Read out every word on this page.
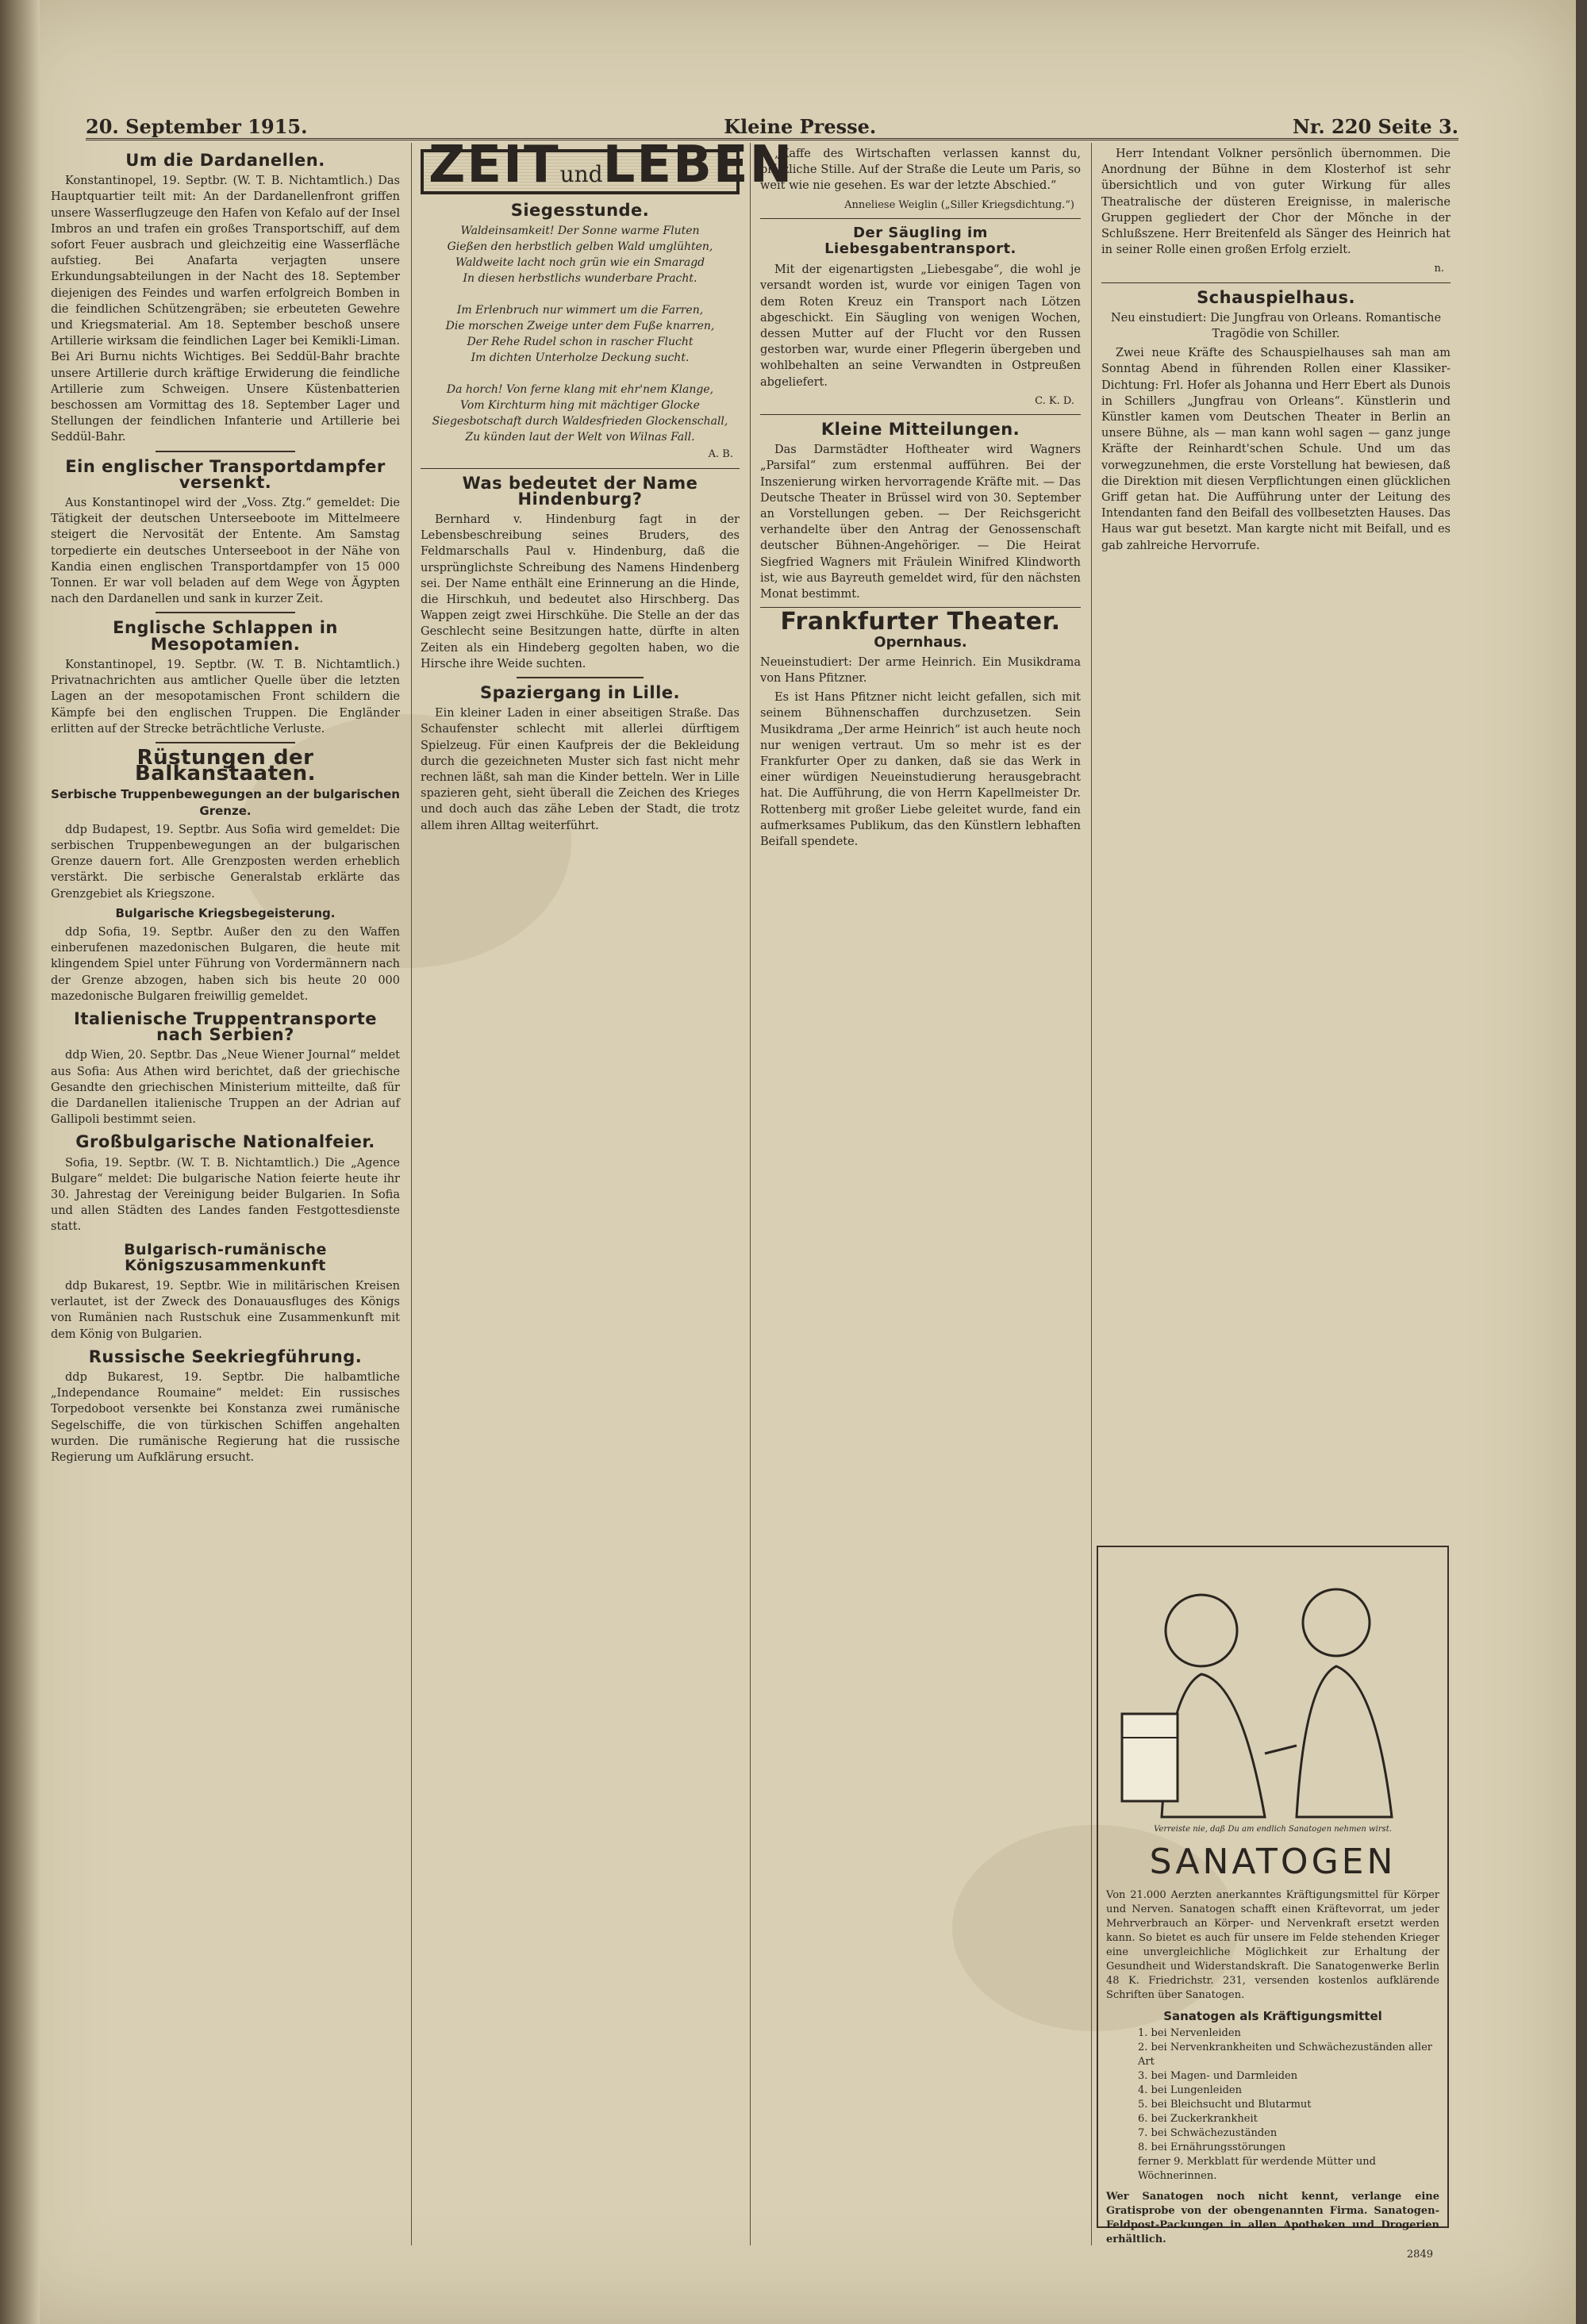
20. September 1915.	Kleine Presse.	Nr. 220 Seite 3.
Um die Dardanellen.

Konstantinopel, 19. Septbr. (W. T. B. Nichtamtlich.) Das Hauptquartier teilt mit: An der Dardanellenfront griffen unsere Wasserflugzeuge den Hafen von Kefalo auf der Insel Imbros an und trafen ein großes Transportschiff, auf dem sofort Feuer ausbrach und gleichzeitig eine Wasserfläche aufstieg. Bei Anafarta verjagten unsere Erkundungsabteilungen in der Nacht des 18. September diejenigen des Feindes und warfen erfolgreich Bomben in die feindlichen Schützengräben; sie erbeuteten Gewehre und Kriegsmaterial. Am 18. September beschoß unsere Artillerie wirksam die feindlichen Lager bei Kemikli-Liman. Bei Ari Burnu nichts Wichtiges. Bei Seddül-Bahr brachte unsere Artillerie durch kräftige Erwiderung die feindliche Artillerie zum Schweigen. Unsere Küstenbatterien beschossen am Vormittag des 18. September Lager und Stellungen der feindlichen Infanterie und Artillerie bei Seddül-Bahr.

Ein englischer Transportdampfer versenkt.

Aus Konstantinopel wird der „Voss. Ztg.“ gemeldet: Die Tätigkeit der deutschen Unterseeboote im Mittelmeere steigert die Nervosität der Entente. Am Samstag torpedierte ein deutsches Unterseeboot in der Nähe von Kandia einen englischen Transportdampfer von 15 000 Tonnen. Er war voll beladen auf dem Wege von Ägypten nach den Dardanellen und sank in kurzer Zeit.

Englische Schlappen in Mesopotamien.

Konstantinopel, 19. Septbr. (W. T. B. Nichtamtlich.) Privatnachrichten aus amtlicher Quelle über die letzten Lagen an der mesopotamischen Front schildern die Kämpfe bei den englischen Truppen. Die Engländer erlitten auf der Strecke beträchtliche Verluste.

Rüstungen der Balkanstaaten.
Serbische Truppenbewegungen an der bulgarischen Grenze.

ddp Budapest, 19. Septbr. Aus Sofia wird gemeldet: Die serbischen Truppenbewegungen an der bulgarischen Grenze dauern fort. Alle Grenzposten werden erheblich verstärkt. Die serbische Generalstab erklärte das Grenzgebiet als Kriegszone.

Bulgarische Kriegsbegeisterung.

ddp Sofia, 19. Septbr. Außer den zu den Waffen einberufenen mazedonischen Bulgaren, die heute mit klingendem Spiel unter Führung von Vordermännern nach der Grenze abzogen, haben sich bis heute 20 000 mazedonische Bulgaren freiwillig gemeldet.

Italienische Truppentransporte nach Serbien?

ddp Wien, 20. Septbr. Das „Neue Wiener Journal“ meldet aus Sofia: Aus Athen wird berichtet, daß der griechische Gesandte den griechischen Ministerium mitteilte, daß für die Dardanellen italienische Truppen an der Adrian auf Gallipoli bestimmt seien.

Großbulgarische Nationalfeier.

Sofia, 19. Septbr. (W. T. B. Nichtamtlich.) Die „Agence Bulgare“ meldet: Die bulgarische Nation feierte heute ihr 30. Jahrestag der Vereinigung beider Bulgarien. In Sofia und allen Städten des Landes fanden Festgottesdienste statt.

Bulgarisch-rumänische Königszusammenkunft

ddp Bukarest, 19. Septbr. Wie in militärischen Kreisen verlautet, ist der Zweck des Donauausfluges des Königs von Rumänien nach Rustschuk eine Zusammenkunft mit dem König von Bulgarien.

Russische Seekriegführung.

ddp Bukarest, 19. Septbr. Die halbamtliche „Independance Roumaine“ meldet: Ein russisches Torpedoboot versenkte bei Konstanza zwei rumänische Segelschiffe, die von türkischen Schiffen angehalten wurden. Die rumänische Regierung hat die russische Regierung um Aufklärung ersucht.

ZEITundLEBEN
Siegesstunde.
Waldeinsamkeit! Der Sonne warme Fluten
Gießen den herbstlich gelben Wald umglühten,
Waldweite lacht noch grün wie ein Smaragd
In diesen herbstlichs wunderbare Pracht.

Im Erlenbruch nur wimmert um die Farren,
Die morschen Zweige unter dem Fuße knarren,
Der Rehe Rudel schon in rascher Flucht
Im dichten Unterholze Deckung sucht.

Da horch! Von ferne klang mit ehr'nem Klange,
Vom Kirchturm hing mit mächtiger Glocke
Siegesbotschaft durch Waldesfrieden Glockenschall,
Zu künden laut der Welt von Wilnas Fall.
A. B.
Was bedeutet der Name Hindenburg?

Bernhard v. Hindenburg fagt in der Lebensbeschreibung seines Bruders, des Feldmarschalls Paul v. Hindenburg, daß die ursprünglichste Schreibung des Namens Hindenberg sei. Der Name enthält eine Erinnerung an die Hinde, die Hirschkuh, und bedeutet also Hirschberg. Das Wappen zeigt zwei Hirschkühe. Die Stelle an der das Geschlecht seine Besitzungen hatte, dürfte in alten Zeiten als ein Hindeberg gegolten haben, wo die Hirsche ihre Weide suchten.

Spaziergang in Lille.

Ein kleiner Laden in einer abseitigen Straße. Das Schaufenster schlecht mit allerlei dürftigem Spielzeug. Für einen Kaufpreis der die Bekleidung durch die gezeichneten Muster sich fast nicht mehr rechnen läßt, sah man die Kinder betteln. Wer in Lille spazieren geht, sieht überall die Zeichen des Krieges und doch auch das zähe Leben der Stadt, die trotz allem ihren Alltag weiterführt.

„Kaffe des Wirtschaften verlassen kannst du, plötzliche Stille. Auf der Straße die Leute um Paris, so weit wie nie gesehen. Es war der letzte Abschied.“

Anneliese Weiglin („Siller Kriegsdichtung.“)
Der Säugling im Liebesgabentransport.

Mit der eigenartigsten „Liebesgabe“, die wohl je versandt worden ist, wurde vor einigen Tagen von dem Roten Kreuz ein Transport nach Lötzen abgeschickt. Ein Säugling von wenigen Wochen, dessen Mutter auf der Flucht vor den Russen gestorben war, wurde einer Pflegerin übergeben und wohlbehalten an seine Verwandten in Ostpreußen abgeliefert.

C. K. D.
Kleine Mitteilungen.

Das Darmstädter Hoftheater wird Wagners „Parsifal“ zum erstenmal aufführen. Bei der Inszenierung wirken hervorragende Kräfte mit. — Das Deutsche Theater in Brüssel wird von 30. September an Vorstellungen geben. — Der Reichsgericht verhandelte über den Antrag der Genossenschaft deutscher Bühnen-Angehöriger. — Die Heirat Siegfried Wagners mit Fräulein Winifred Klindworth ist, wie aus Bayreuth gemeldet wird, für den nächsten Monat bestimmt.

Frankfurter Theater.
Opernhaus.

Neueinstudiert: Der arme Heinrich. Ein Musikdrama von Hans Pfitzner.

Es ist Hans Pfitzner nicht leicht gefallen, sich mit seinem Bühnenschaffen durchzusetzen. Sein Musikdrama „Der arme Heinrich“ ist auch heute noch nur wenigen vertraut. Um so mehr ist es der Frankfurter Oper zu danken, daß sie das Werk in einer würdigen Neueinstudierung herausgebracht hat. Die Aufführung, die von Herrn Kapellmeister Dr. Rottenberg mit großer Liebe geleitet wurde, fand ein aufmerksames Publikum, das den Künstlern lebhaften Beifall spendete.

Herr Intendant Volkner persönlich übernommen. Die Anordnung der Bühne in dem Klosterhof ist sehr übersichtlich und von guter Wirkung für alles Theatralische der düsteren Ereignisse, in malerische Gruppen gegliedert der Chor der Mönche in der Schlußszene. Herr Breitenfeld als Sänger des Heinrich hat in seiner Rolle einen großen Erfolg erzielt.

n.
Schauspielhaus.

Neu einstudiert: Die Jungfrau von Orleans. Romantische Tragödie von Schiller.

Zwei neue Kräfte des Schauspielhauses sah man am Sonntag Abend in führenden Rollen einer Klassiker-Dichtung: Frl. Hofer als Johanna und Herr Ebert als Dunois in Schillers „Jungfrau von Orleans“. Künstlerin und Künstler kamen vom Deutschen Theater in Berlin an unsere Bühne, als — man kann wohl sagen — ganz junge Kräfte der Reinhardt'schen Schule. Und um das vorwegzunehmen, die erste Vorstellung hat bewiesen, daß die Direktion mit diesen Verpflichtungen einen glücklichen Griff getan hat. Die Aufführung unter der Leitung des Intendanten fand den Beifall des vollbesetzten Hauses. Das Haus war gut besetzt. Man kargte nicht mit Beifall, und es gab zahlreiche Hervorrufe.

Verreiste nie, daß Du am endlich Sanatogen nehmen wirst.
SANATOGEN
Von 21.000 Aerzten anerkanntes Kräftigungsmittel für Körper und Nerven. Sanatogen schafft einen Kräftevorrat, um jeder Mehrverbrauch an Körper- und Nervenkraft ersetzt werden kann. So bietet es auch für unsere im Felde stehenden Krieger eine unvergleichliche Möglichkeit zur Erhaltung der Gesundheit und Widerstandskraft. Die Sanatogenwerke Berlin 48 K. Friedrichstr. 231, versenden kostenlos aufklärende Schriften über Sanatogen.
Sanatogen als Kräftigungsmittel
1. bei Nervenleiden
2. bei Nervenkrankheiten und Schwächezuständen aller Art
3. bei Magen- und Darmleiden
4. bei Lungenleiden
5. bei Bleichsucht und Blutarmut
6. bei Zuckerkrankheit
7. bei Schwächezuständen
8. bei Ernährungsstörungen
ferner 9. Merkblatt für werdende Mütter und Wöchnerinnen.
Wer Sanatogen noch nicht kennt, verlange eine Gratisprobe von der obengenannten Firma. Sanatogen-Feldpost-Packungen in allen Apotheken und Drogerien erhältlich.
2849
